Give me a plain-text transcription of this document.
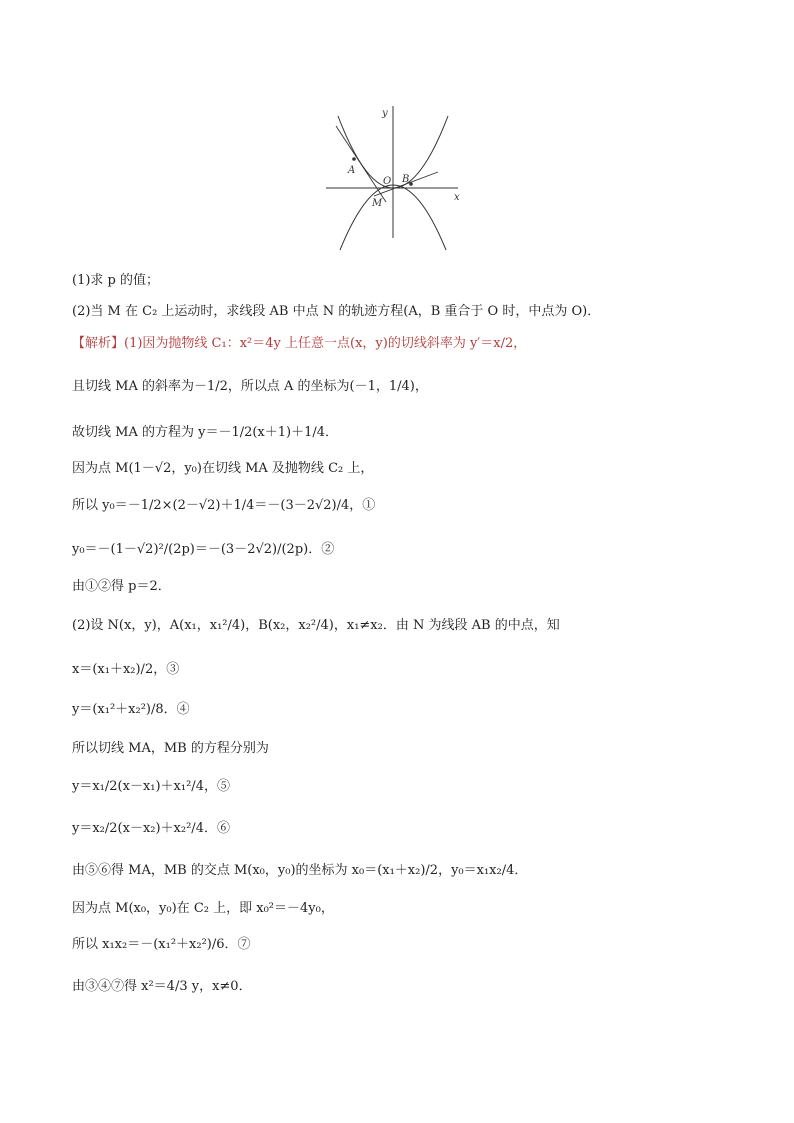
y
x
O
A
B
M
(1)求 p 的值；
(2)当 M 在 C₂ 上运动时，求线段 AB 中点 N 的轨迹方程(A，B 重合于 O 时，中点为 O)．
【解析】(1)因为抛物线 C₁：x²＝4y 上任意一点(x，y)的切线斜率为 y′＝x/2，
且切线 MA 的斜率为－1/2，所以点 A 的坐标为(－1，1/4)，
故切线 MA 的方程为 y＝－1/2(x＋1)＋1/4．
因为点 M(1－√2，y₀)在切线 MA 及抛物线 C₂ 上，
所以 y₀＝－1/2×(2－√2)＋1/4＝－(3－2√2)/4，①
y₀＝－(1－√2)²/(2p)＝－(3－2√2)/(2p)．②
由①②得 p＝2．
(2)设 N(x，y)，A(x₁，x₁²/4)，B(x₂，x₂²/4)，x₁≠x₂．由 N 为线段 AB 的中点，知
x＝(x₁＋x₂)/2，③
y＝(x₁²＋x₂²)/8．④
所以切线 MA，MB 的方程分别为
y＝x₁/2(x－x₁)＋x₁²/4，⑤
y＝x₂/2(x－x₂)＋x₂²/4．⑥
由⑤⑥得 MA，MB 的交点 M(x₀，y₀)的坐标为 x₀＝(x₁＋x₂)/2，y₀＝x₁x₂/4．
因为点 M(x₀，y₀)在 C₂ 上，即 x₀²＝－4y₀，
所以 x₁x₂＝－(x₁²＋x₂²)/6．⑦
由③④⑦得 x²＝4/3 y，x≠0．
